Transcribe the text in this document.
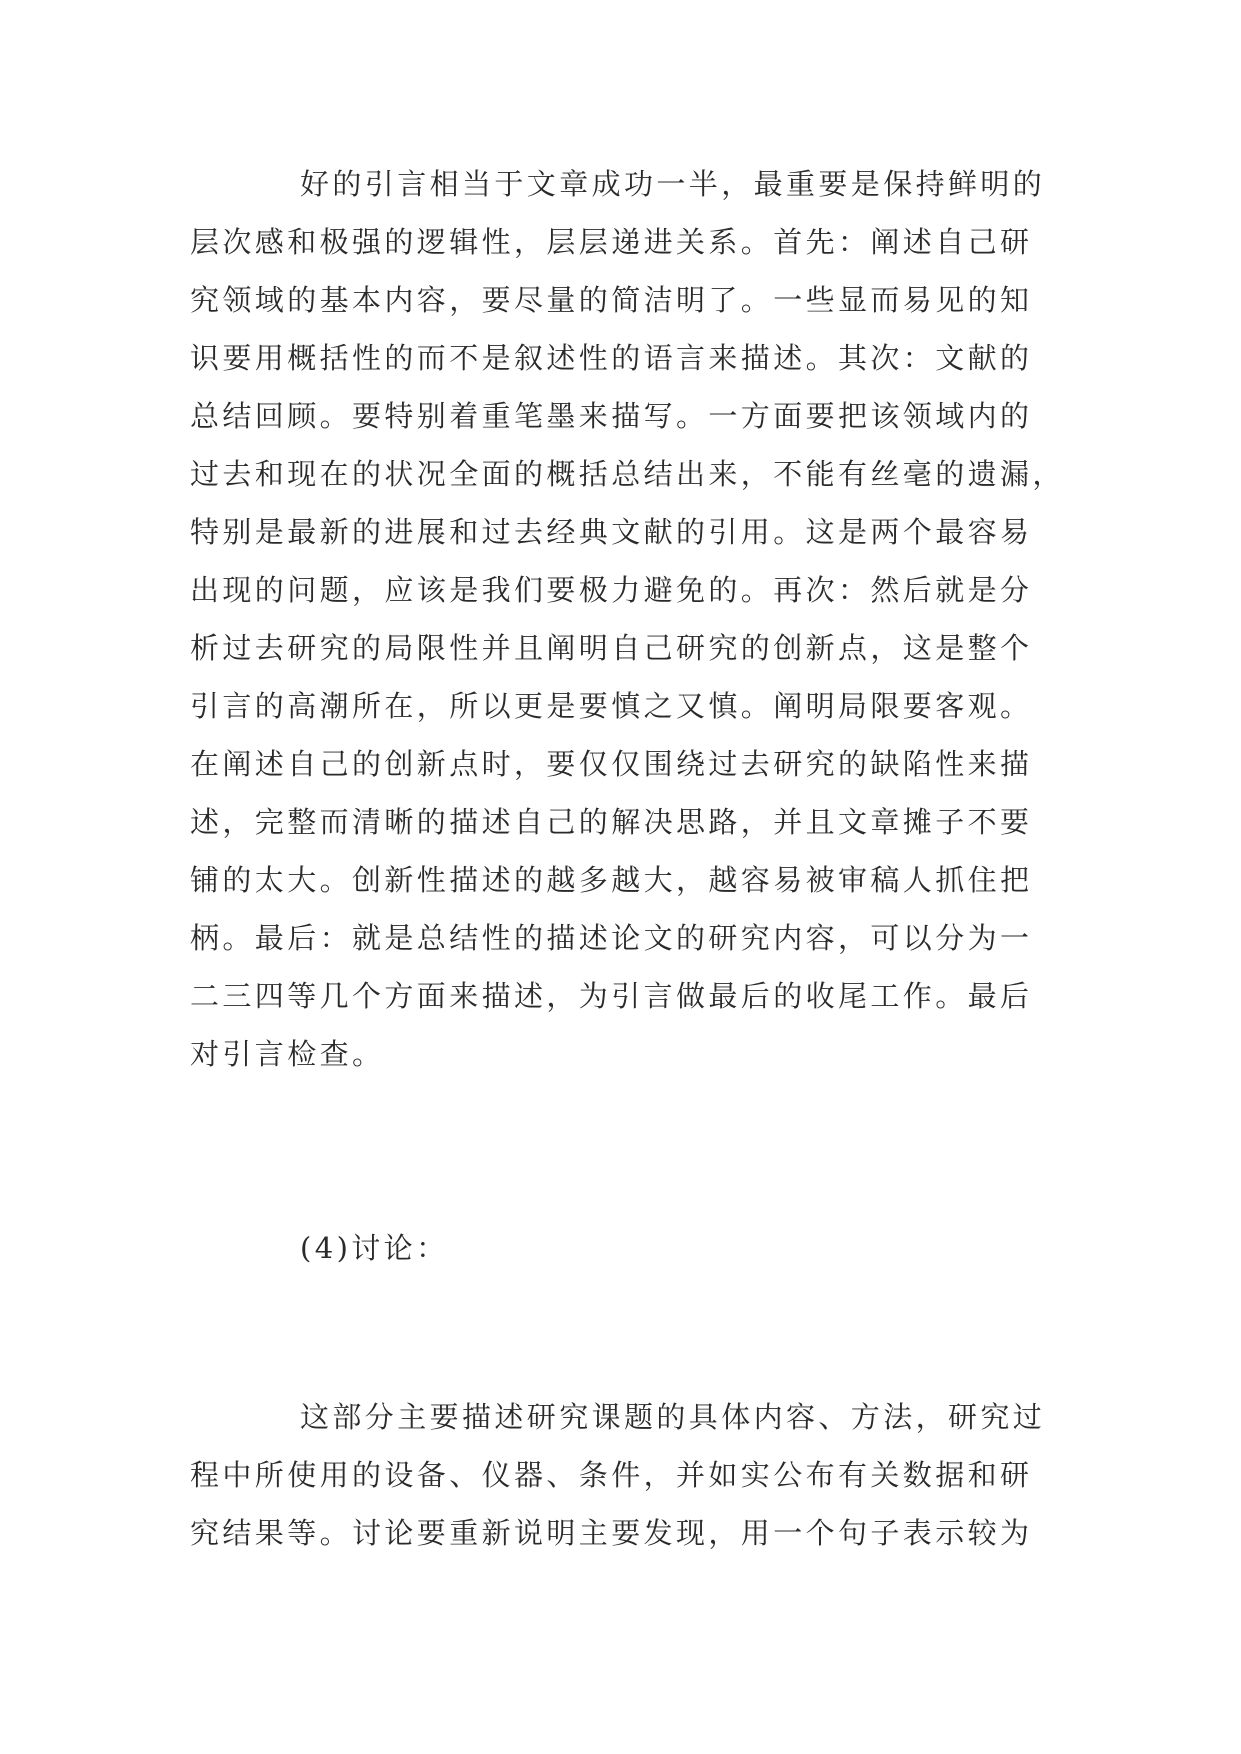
好的引言相当于文章成功一半，最重要是保持鲜明的
层次感和极强的逻辑性，层层递进关系。首先：阐述自己研
究领域的基本内容，要尽量的简洁明了。一些显而易见的知
识要用概括性的而不是叙述性的语言来描述。其次：文献的
总结回顾。要特别着重笔墨来描写。一方面要把该领域内的
过去和现在的状况全面的概括总结出来，不能有丝毫的遗漏，
特别是最新的进展和过去经典文献的引用。这是两个最容易
出现的问题，应该是我们要极力避免的。再次：然后就是分
析过去研究的局限性并且阐明自己研究的创新点，这是整个
引言的高潮所在，所以更是要慎之又慎。阐明局限要客观。
在阐述自己的创新点时，要仅仅围绕过去研究的缺陷性来描
述，完整而清晰的描述自己的解决思路，并且文章摊子不要
铺的太大。创新性描述的越多越大，越容易被审稿人抓住把
柄。最后：就是总结性的描述论文的研究内容，可以分为一
二三四等几个方面来描述，为引言做最后的收尾工作。最后
对引言检查。
(4)讨论：
这部分主要描述研究课题的具体内容、方法，研究过
程中所使用的设备、仪器、条件，并如实公布有关数据和研
究结果等。讨论要重新说明主要发现，用一个句子表示较为
